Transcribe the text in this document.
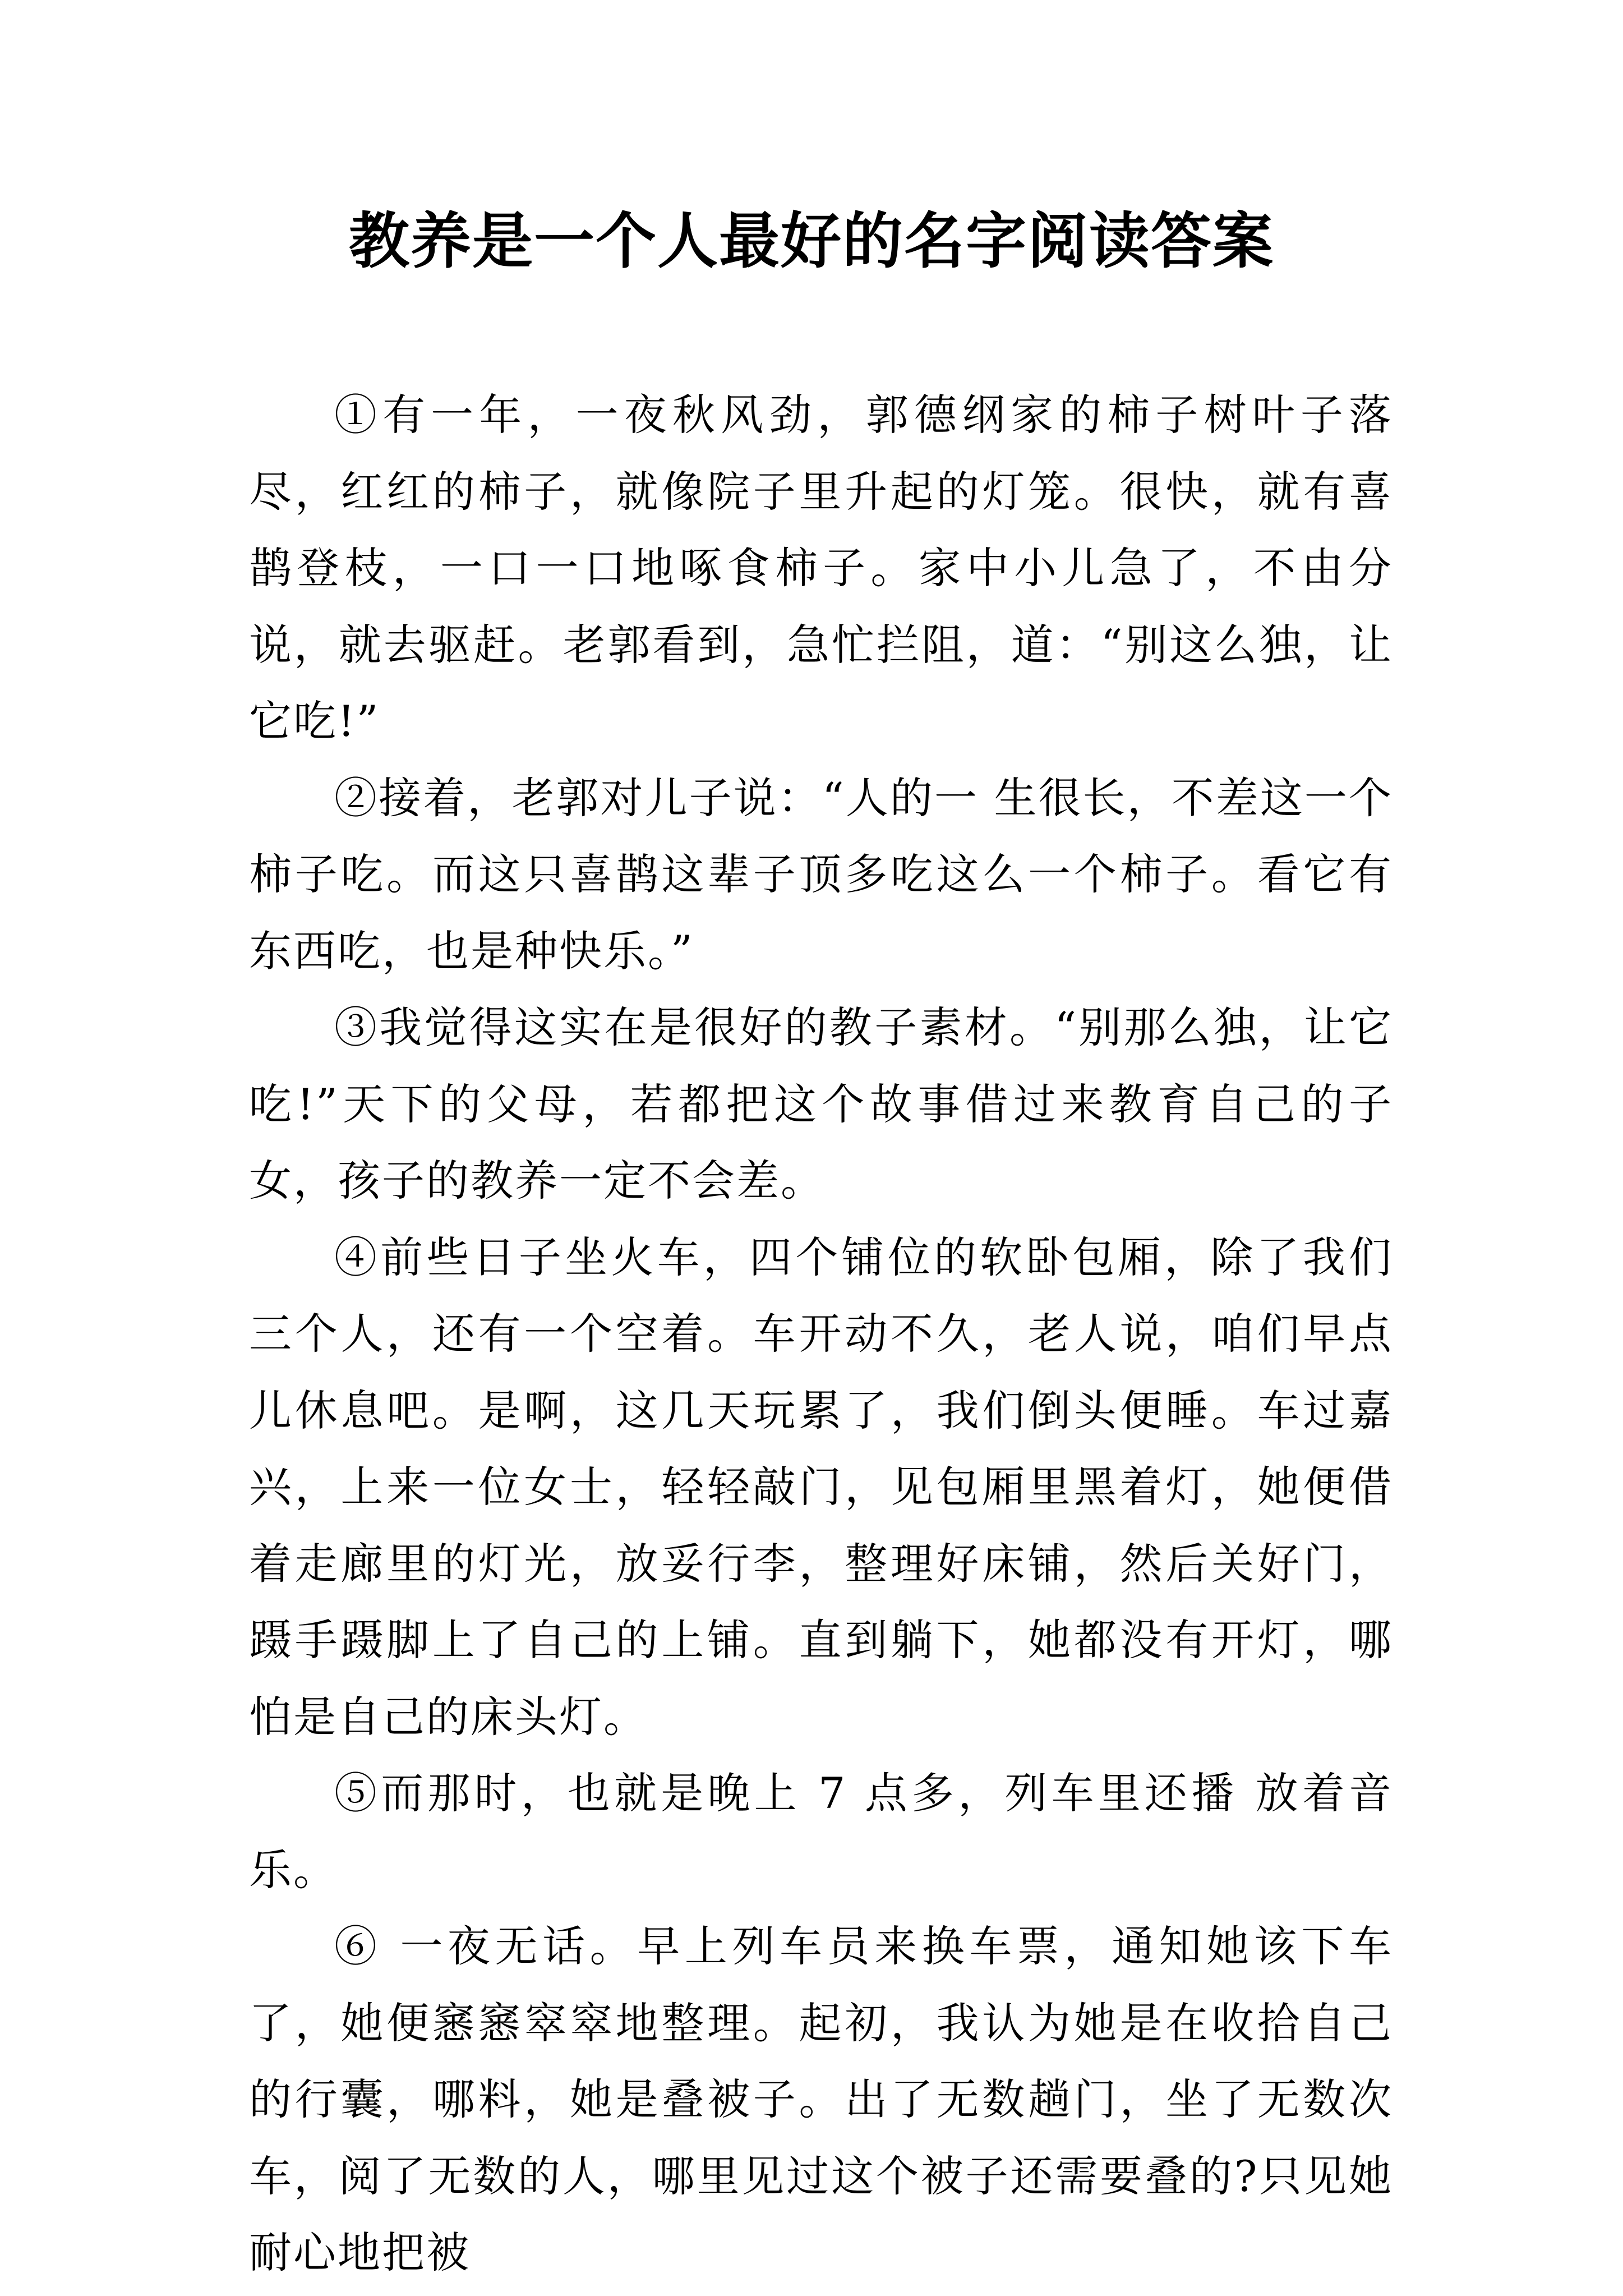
教养是一个人最好的名字阅读答案

①有一年，一夜秋风劲，郭德纲家的柿子树叶子落尽，红红的柿子，就像院子里升起的灯笼。很快，就有喜鹊登枝，一口一口地啄食柿子。家中小儿急了，不由分说，就去驱赶。老郭看到，急忙拦阻，道：“别这么独，让它吃!”

②接着，老郭对儿子说：“人的一 生很长，不差这一个柿子吃。而这只喜鹊这辈子顶多吃这么一个柿子。看它有东西吃，也是种快乐。”

③我觉得这实在是很好的教子素材。“别那么独，让它吃!”天下的父母，若都把这个故事借过来教育自己的子女，孩子的教养一定不会差。

④前些日子坐火车，四个铺位的软卧包厢，除了我们三个人，还有一个空着。车开动不久，老人说，咱们早点儿休息吧。是啊，这几天玩累了，我们倒头便睡。车过嘉兴，上来一位女士，轻轻敲门，见包厢里黑着灯，她便借着走廊里的灯光，放妥行李，整理好床铺，然后关好门， 蹑手蹑脚上了自己的上铺。直到躺下，她都没有开灯，哪怕是自己的床头灯。

⑤而那时，也就是晚上 7 点多，列车里还播 放着音乐。

⑥ 一夜无话。早上列车员来换车票，通知她该下车了，她便窸窸窣窣地整理。起初，我认为她是在收拾自己的行囊，哪料，她是叠被子。出了无数趟门，坐了无数次车，阅了无数的人，哪里见过这个被子还需要叠的?只见她耐心地把被
